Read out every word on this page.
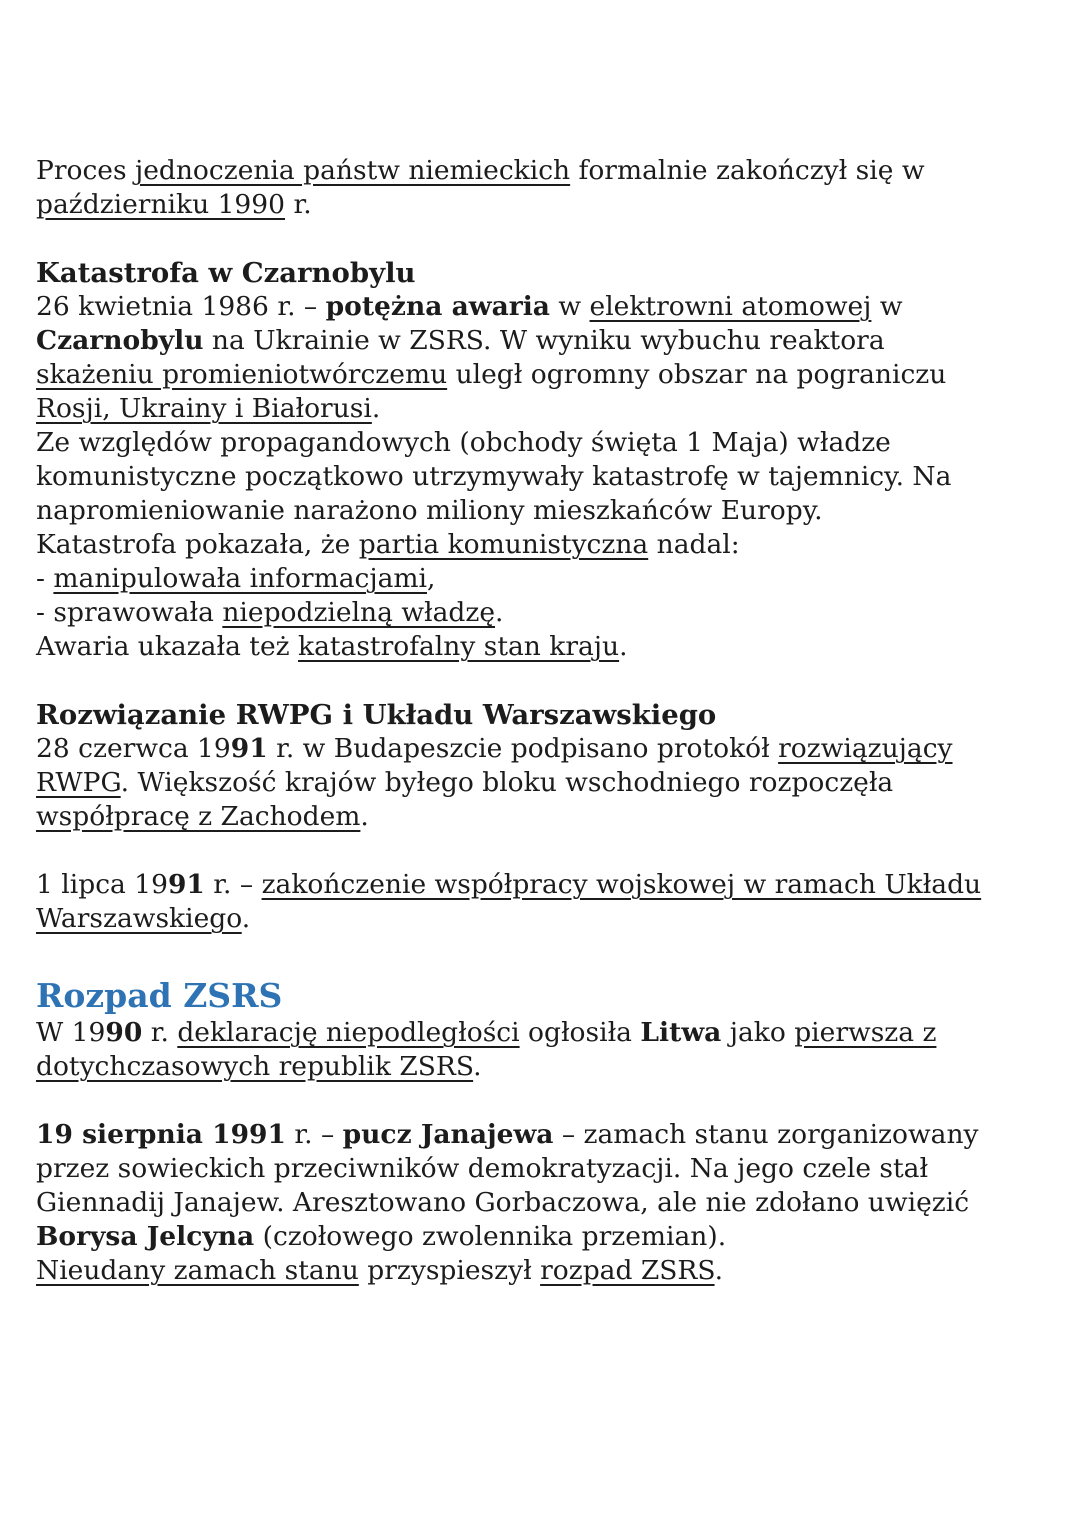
Proces jednoczenia państw niemieckich formalnie zakończył się w
październiku 1990 r.

Katastrofa w Czarnobylu

26 kwietnia 1986 r. – potężna awaria w elektrowni atomowej w
Czarnobylu na Ukrainie w ZSRS. W wyniku wybuchu reaktora
skażeniu promieniotwórczemu uległ ogromny obszar na pograniczu
Rosji, Ukrainy i Białorusi.

Ze względów propagandowych (obchody święta 1 Maja) władze
komunistyczne początkowo utrzymywały katastrofę w tajemnicy. Na
napromieniowanie narażono miliony mieszkańców Europy.

Katastrofa pokazała, że partia komunistyczna nadal:

- manipulowała informacjami,

- sprawowała niepodzielną władzę.

Awaria ukazała też katastrofalny stan kraju.

Rozwiązanie RWPG i Układu Warszawskiego

28 czerwca 1991 r. w Budapeszcie podpisano protokół rozwiązujący
RWPG. Większość krajów byłego bloku wschodniego rozpoczęła
współpracę z Zachodem.

1 lipca 1991 r. – zakończenie współpracy wojskowej w ramach Układu
Warszawskiego.

Rozpad ZSRS

W 1990 r. deklarację niepodległości ogłosiła Litwa jako pierwsza z
dotychczasowych republik ZSRS.

19 sierpnia 1991 r. – pucz Janajewa – zamach stanu zorganizowany
przez sowieckich przeciwników demokratyzacji. Na jego czele stał
Giennadij Janajew. Aresztowano Gorbaczowa, ale nie zdołano uwięzić
Borysa Jelcyna (czołowego zwolennika przemian).

Nieudany zamach stanu przyspieszył rozpad ZSRS.
